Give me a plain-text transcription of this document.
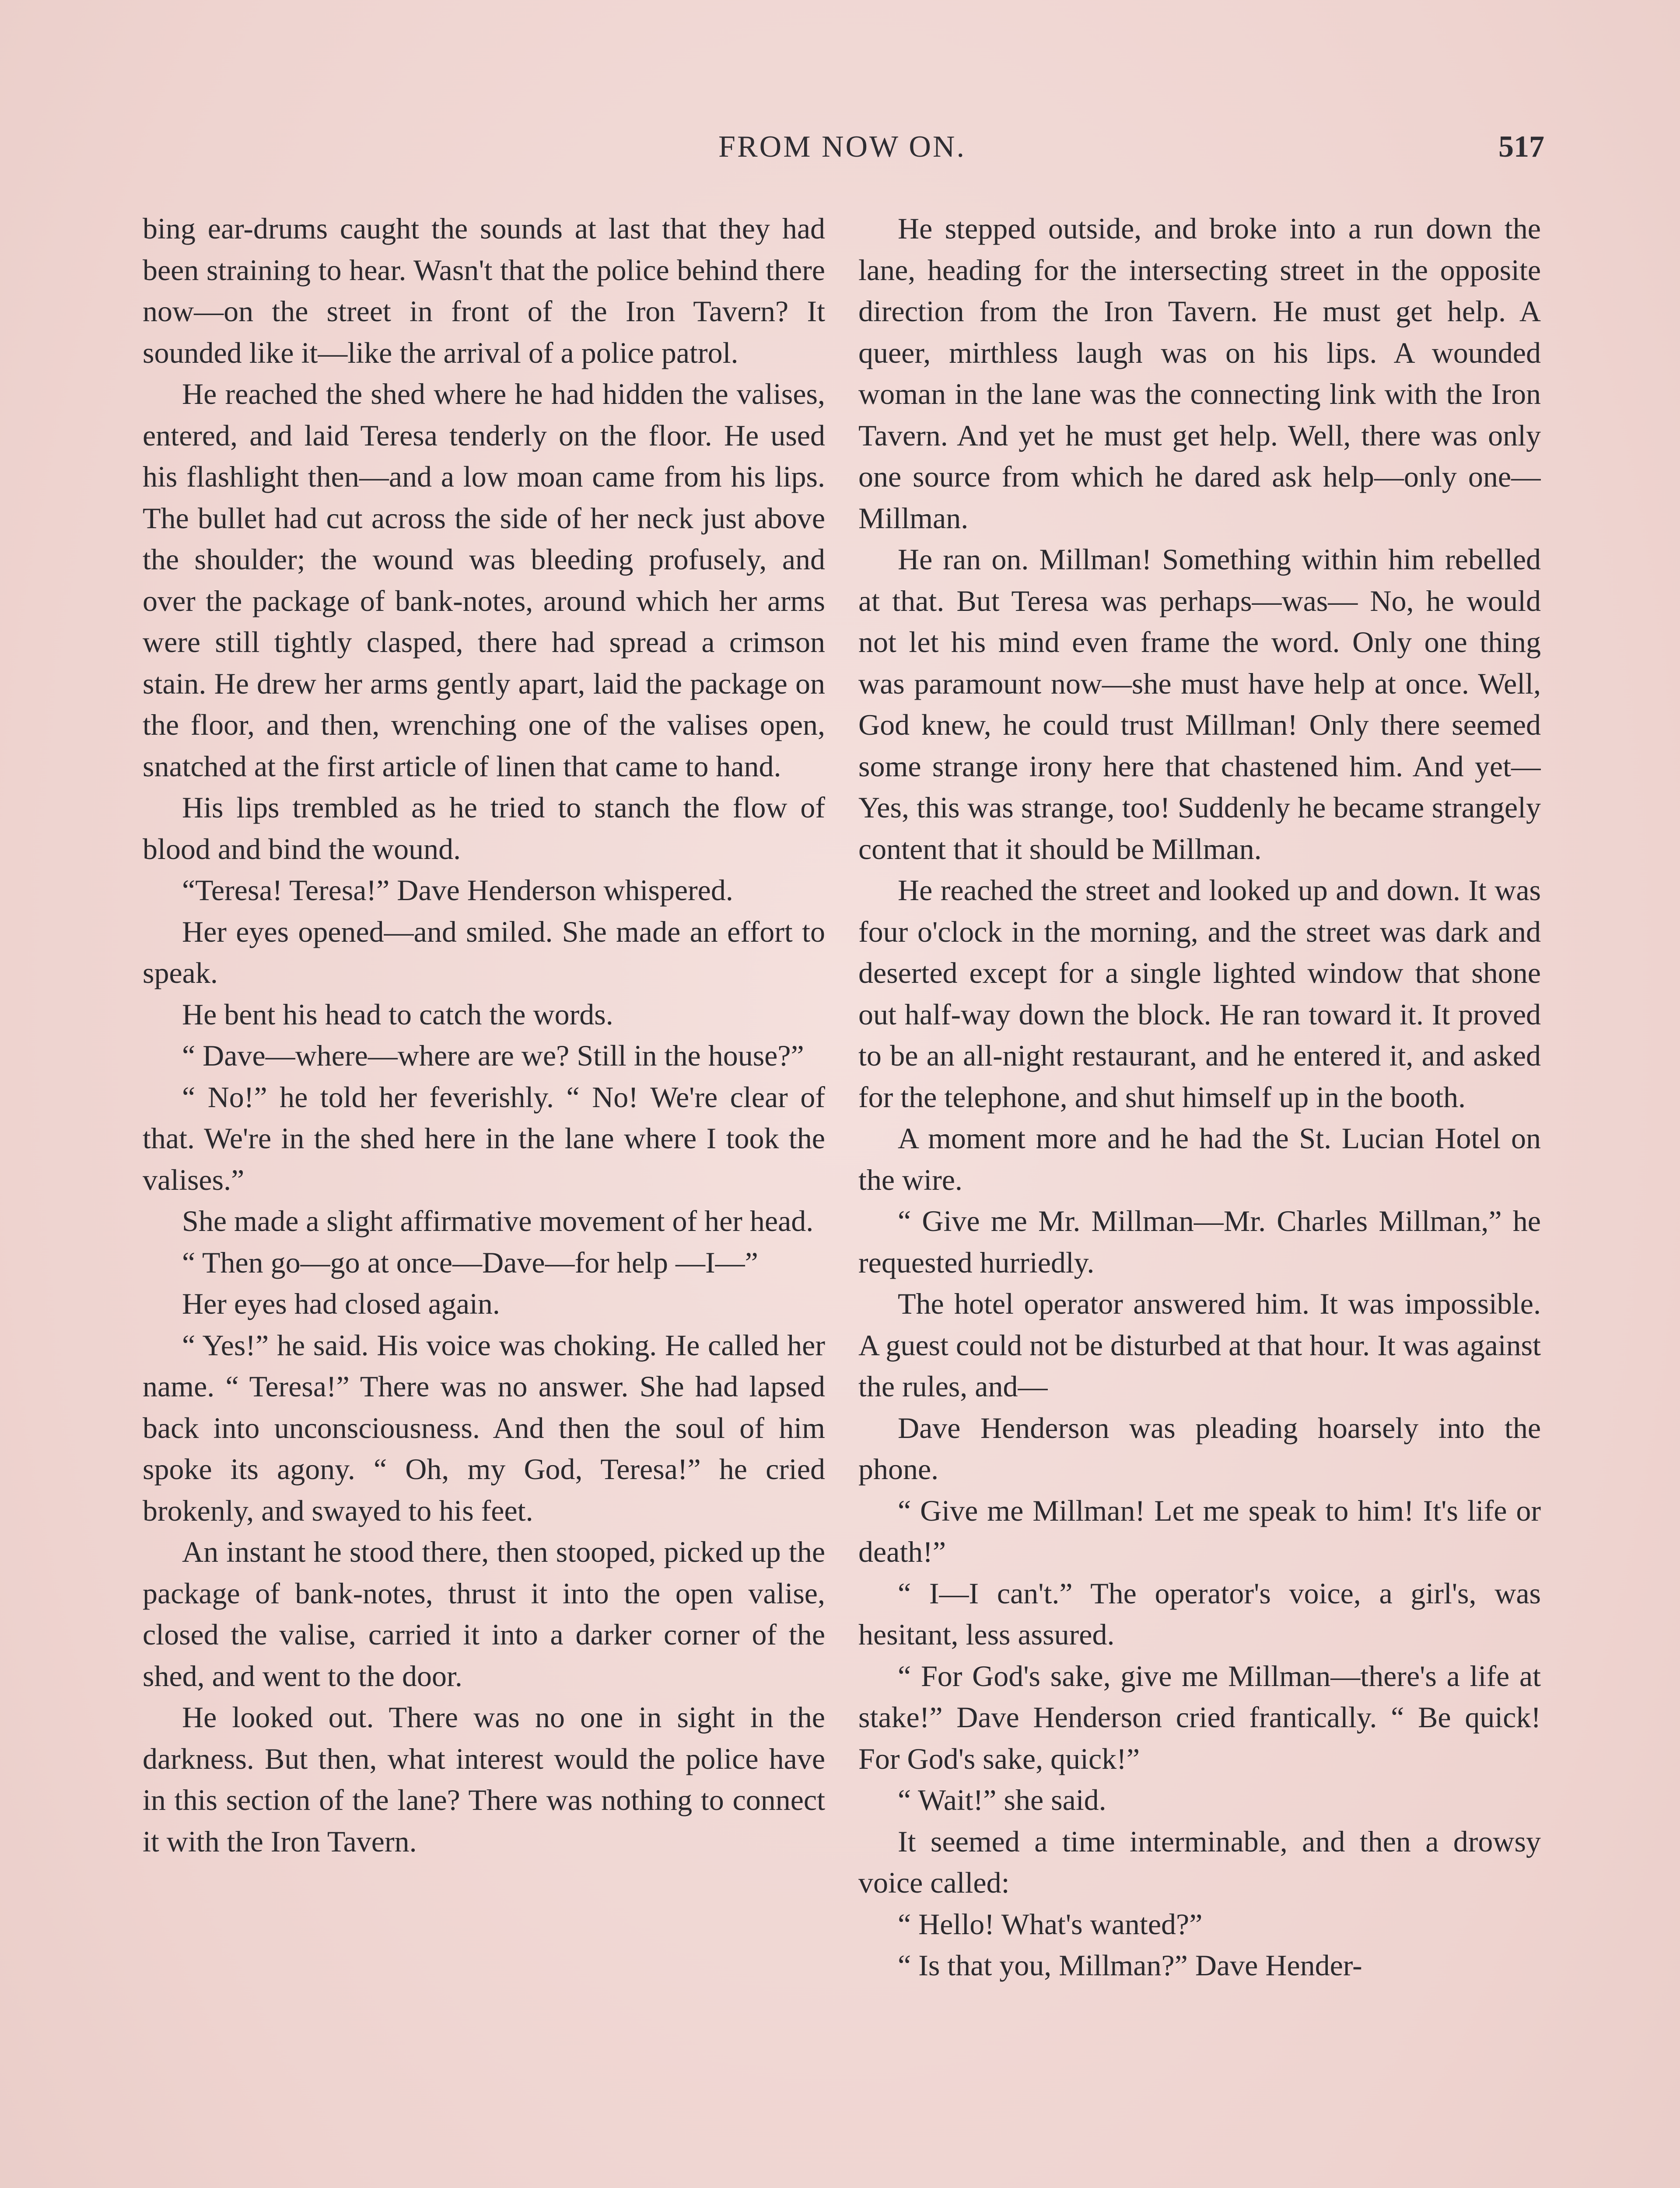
FROM NOW ON.	517

bing ear-drums caught the sounds at last that they had been straining to hear. Wasn't that the police behind there now—on the street in front of the Iron Tavern? It sounded like it—like the arrival of a police patrol.

He reached the shed where he had hidden the valises, entered, and laid Teresa tenderly on the floor. He used his flashlight then—and a low moan came from his lips. The bullet had cut across the side of her neck just above the shoulder; the wound was bleeding profusely, and over the package of bank-notes, around which her arms were still tightly clasped, there had spread a crimson stain. He drew her arms gently apart, laid the package on the floor, and then, wrenching one of the valises open, snatched at the first article of linen that came to hand.

His lips trembled as he tried to stanch the flow of blood and bind the wound.

“Teresa! Teresa!” Dave Henderson whispered.

Her eyes opened—and smiled. She made an effort to speak.

He bent his head to catch the words.

“ Dave—where—where are we? Still in the house?”

“ No!” he told her feverishly. “ No! We're clear of that. We're in the shed here in the lane where I took the valises.”

She made a slight affirmative movement of her head.

“ Then go—go at once—Dave—for help —I—”

Her eyes had closed again.

“ Yes!” he said. His voice was choking. He called her name. “ Teresa!” There was no answer. She had lapsed back into unconsciousness. And then the soul of him spoke its agony. “ Oh, my God, Teresa!” he cried brokenly, and swayed to his feet.

An instant he stood there, then stooped, picked up the package of bank-notes, thrust it into the open valise, closed the valise, carried it into a darker corner of the shed, and went to the door.

He looked out. There was no one in sight in the darkness. But then, what interest would the police have in this section of the lane? There was nothing to connect it with the Iron Tavern.

He stepped outside, and broke into a run down the lane, heading for the intersecting street in the opposite direction from the Iron Tavern. He must get help. A queer, mirthless laugh was on his lips. A wounded woman in the lane was the connecting link with the Iron Tavern. And yet he must get help. Well, there was only one source from which he dared ask help—only one—Millman.

He ran on. Millman! Something within him rebelled at that. But Teresa was perhaps—was— No, he would not let his mind even frame the word. Only one thing was paramount now—she must have help at once. Well, God knew, he could trust Millman! Only there seemed some strange irony here that chastened him. And yet— Yes, this was strange, too! Suddenly he became strangely content that it should be Millman.

He reached the street and looked up and down. It was four o'clock in the morning, and the street was dark and deserted except for a single lighted window that shone out half-way down the block. He ran toward it. It proved to be an all-night restaurant, and he entered it, and asked for the telephone, and shut himself up in the booth.

A moment more and he had the St. Lucian Hotel on the wire.

“ Give me Mr. Millman—Mr. Charles Millman,” he requested hurriedly.

The hotel operator answered him. It was impossible. A guest could not be disturbed at that hour. It was against the rules, and—

Dave Henderson was pleading hoarsely into the phone.

“ Give me Millman! Let me speak to him! It's life or death!”

“ I—I can't.” The operator's voice, a girl's, was hesitant, less assured.

“ For God's sake, give me Millman—there's a life at stake!” Dave Henderson cried frantically. “ Be quick! For God's sake, quick!”

“ Wait!” she said.

It seemed a time interminable, and then a drowsy voice called:

“ Hello! What's wanted?”

“ Is that you, Millman?” Dave Hender-
